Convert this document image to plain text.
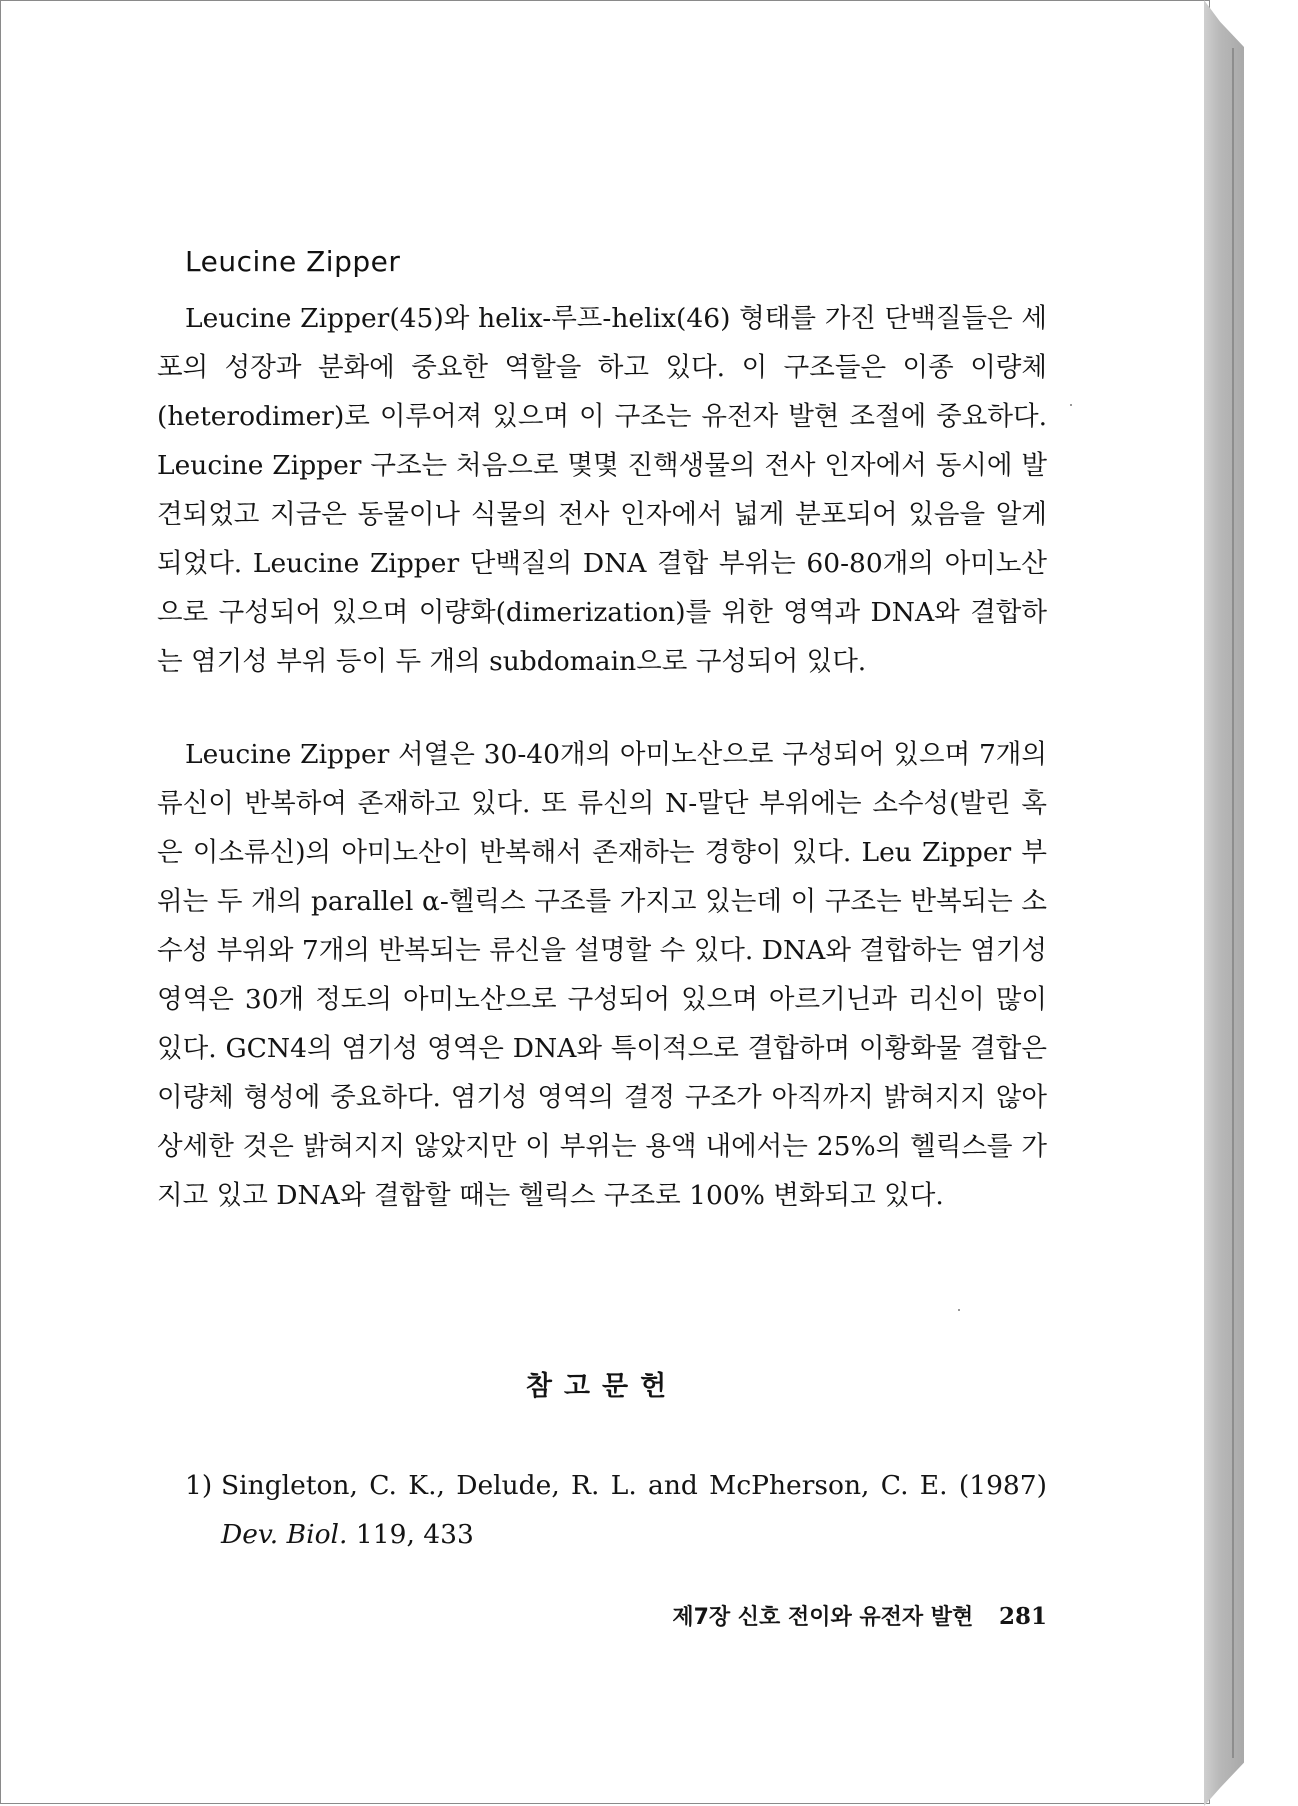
Leucine Zipper

Leucine Zipper(45)와 helix-루프-helix(46) 형태를 가진 단백질들은 세포의 성장과 분화에 중요한 역할을 하고 있다. 이 구조들은 이종 이량체(heterodimer)로 이루어져 있으며 이 구조는 유전자 발현 조절에 중요하다. Leucine Zipper 구조는 처음으로 몇몇 진핵생물의 전사 인자에서 동시에 발견되었고 지금은 동물이나 식물의 전사 인자에서 넓게 분포되어 있음을 알게 되었다. Leucine Zipper 단백질의 DNA 결합 부위는 60-80개의 아미노산으로 구성되어 있으며 이량화(dimerization)를 위한 영역과 DNA와 결합하는 염기성 부위 등이 두 개의 subdomain으로 구성되어 있다.

Leucine Zipper 서열은 30-40개의 아미노산으로 구성되어 있으며 7개의 류신이 반복하여 존재하고 있다. 또 류신의 N-말단 부위에는 소수성(발린 혹은 이소류신)의 아미노산이 반복해서 존재하는 경향이 있다. Leu Zipper 부위는 두 개의 parallel α-헬릭스 구조를 가지고 있는데 이 구조는 반복되는 소수성 부위와 7개의 반복되는 류신을 설명할 수 있다. DNA와 결합하는 염기성 영역은 30개 정도의 아미노산으로 구성되어 있으며 아르기닌과 리신이 많이 있다. GCN4의 염기성 영역은 DNA와 특이적으로 결합하며 이황화물 결합은 이량체 형성에 중요하다. 염기성 영역의 결정 구조가 아직까지 밝혀지지 않아 상세한 것은 밝혀지지 않았지만 이 부위는 용액 내에서는 25%의 헬릭스를 가지고 있고 DNA와 결합할 때는 헬릭스 구조로 100% 변화되고 있다.

참고문헌
1) Singleton, C. K., Delude, R. L. and McPherson, C. E. (1987) Dev. Biol. 119, 433
제7장 신호 전이와 유전자 발현 281
